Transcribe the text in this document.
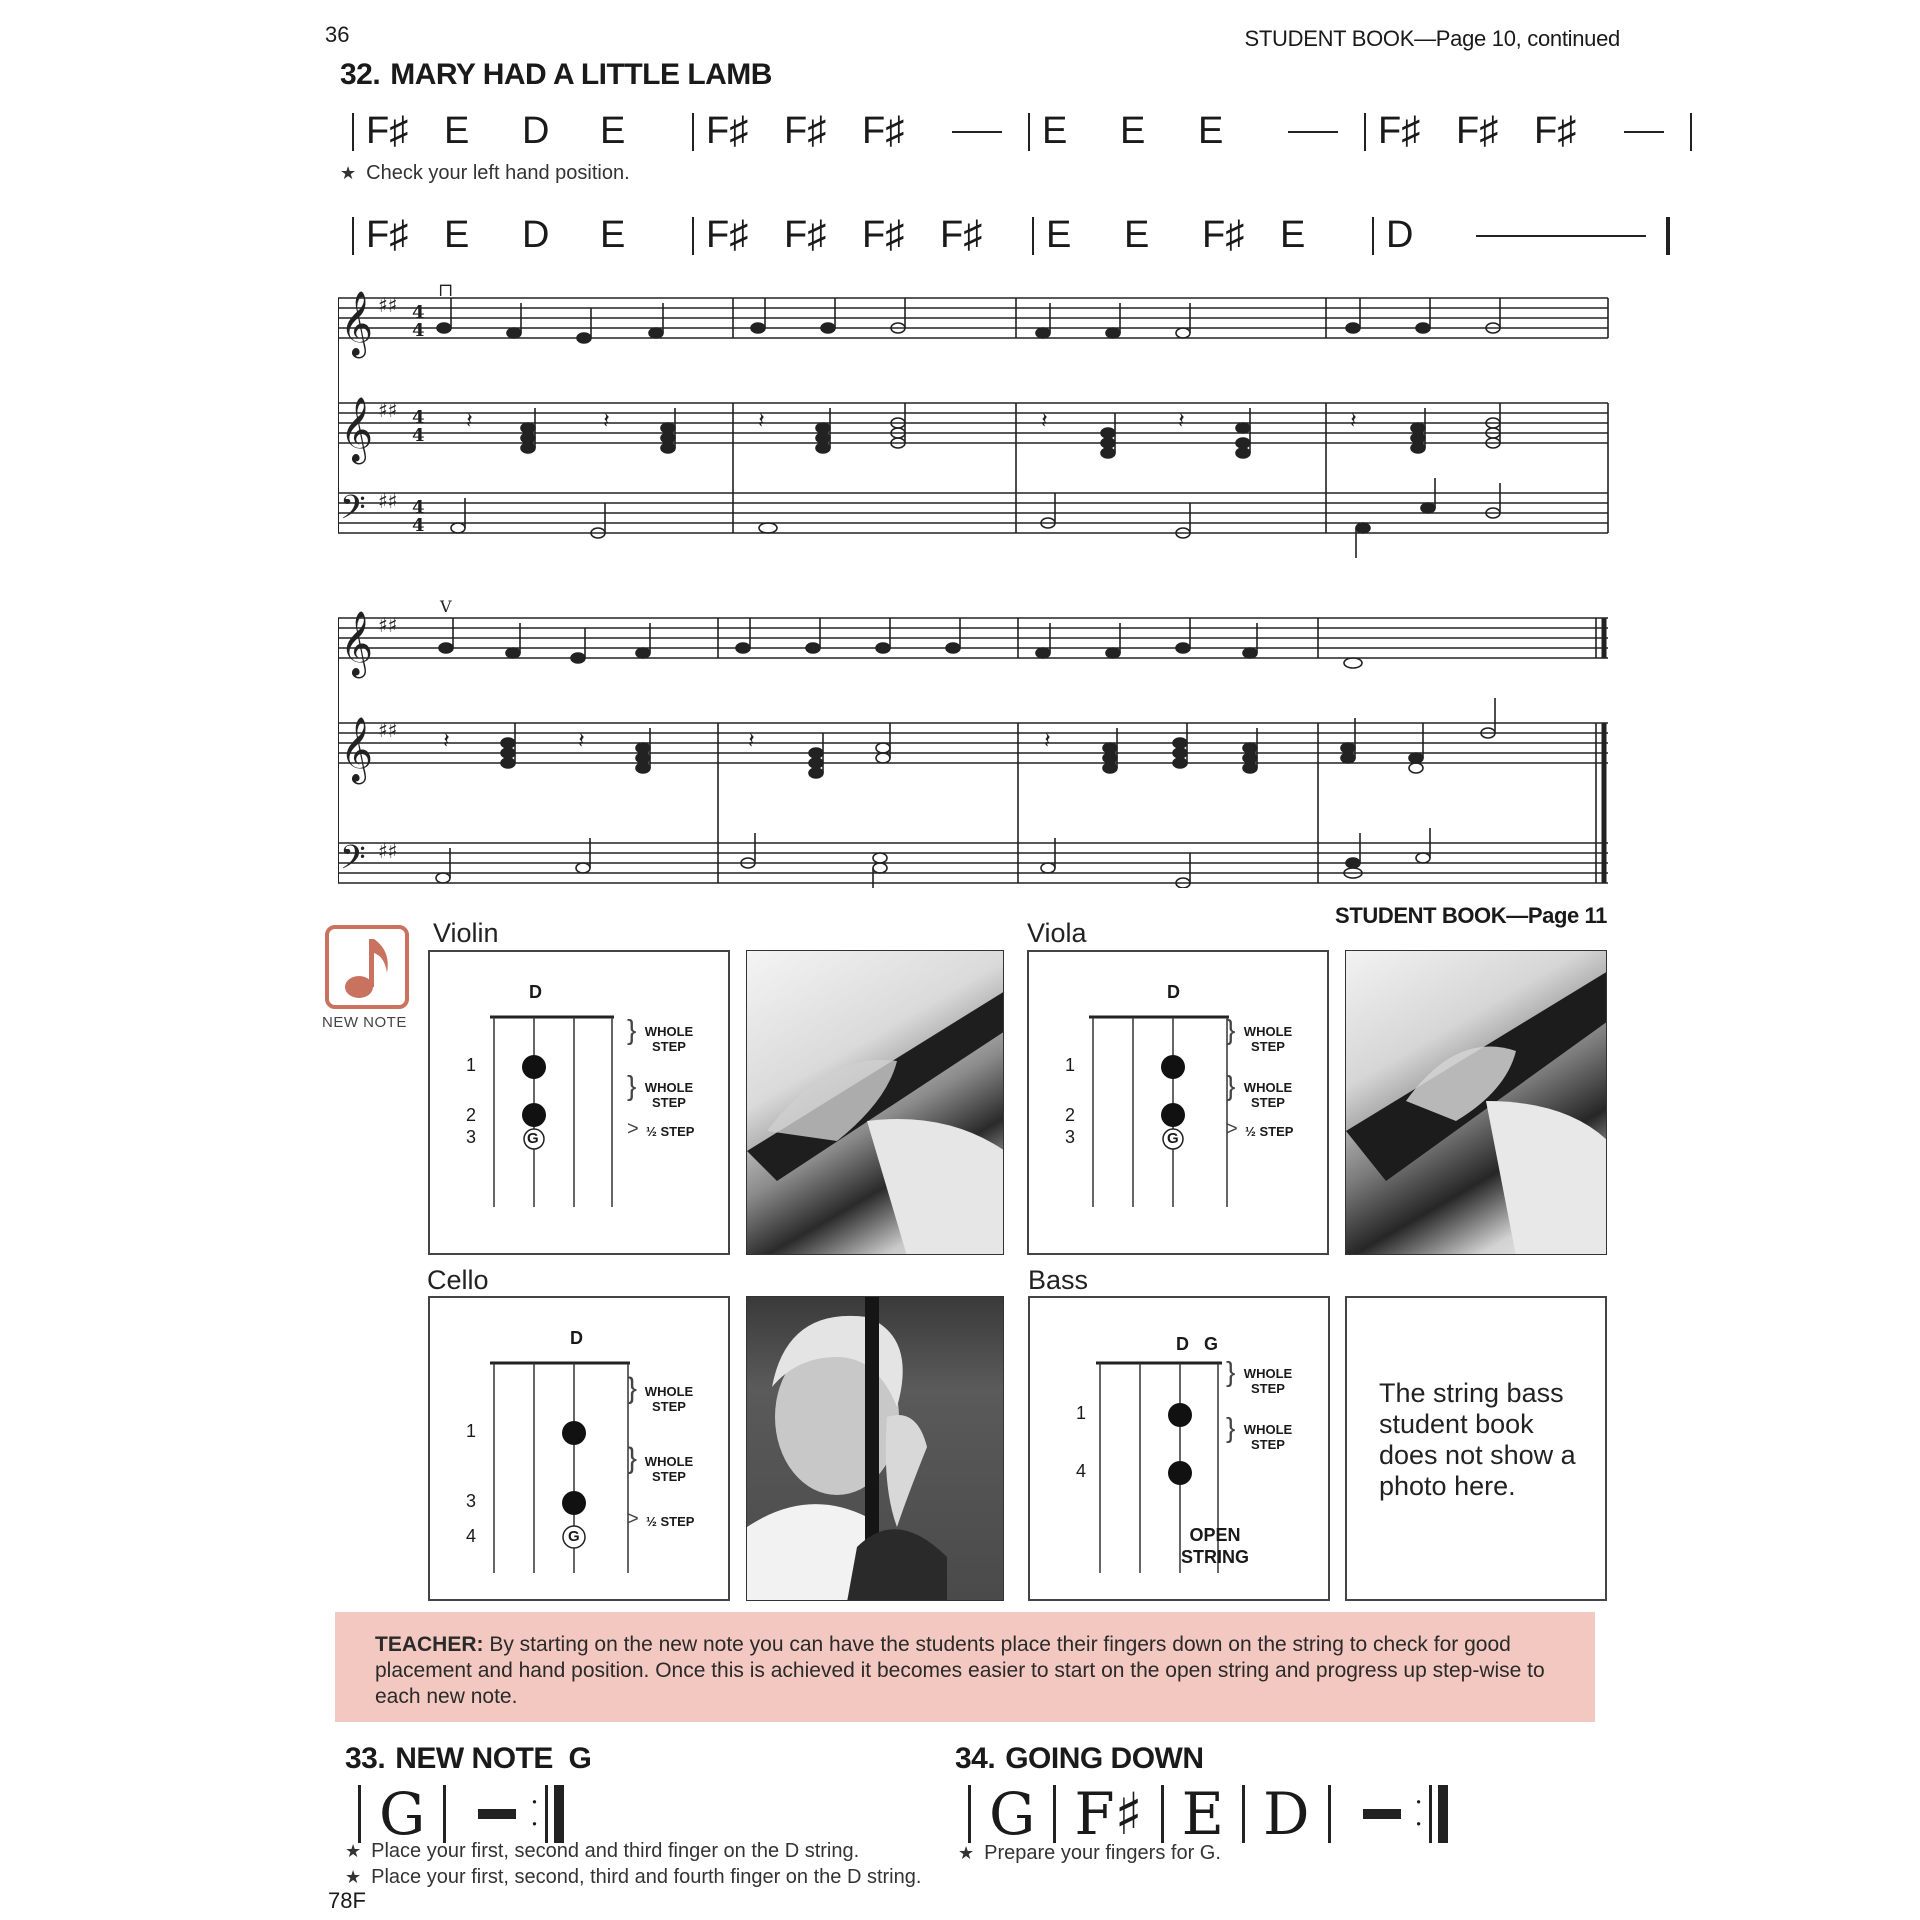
36	STUDENT BOOK—Page 10, continued
32. MARY HAD A LITTLE LAMB
F♯ E	D	E	F♯ F♯ F♯	E	E	E	F♯ F♯ F♯
★ Check your left hand position.
F♯ E	D	E	F♯ F♯ F♯ F♯	E	E	F♯ E	D
𝄞
𝄞
𝄢
♯♯
♯♯
♯♯
4
4
4
4
4
4
⊓
𝄽	𝄽	𝄽	𝄽	𝄽	𝄽
𝄞
𝄞
𝄢
♯♯
♯♯
♯♯
V
𝄽	𝄽	𝄽	𝄽
STUDENT BOOK—Page 11
NEW NOTE
Violin
D
G
1
2
3
} WHOLE STEP
} WHOLE STEP
> ½ STEP
Viola
D
G
1
2
3
} WHOLE STEP
} WHOLE STEP
> ½ STEP
Cello
D
G
1
3
4
} WHOLE STEP
} WHOLE STEP
> ½ STEP
Bass
D G
1
4
} WHOLE STEP
} WHOLE STEP
OPEN STRING
The string bass student book does not show a photo here.
TEACHER: By starting on the new note you can have the students place their fingers down on the string to check for good placement and hand position. Once this is achieved it becomes easier to start on the open string and progress up step-wise to each new note.
33. NEW NOTE  G
G	·
·
★ Place your first, second and third finger on the D string.
★ Place your first, second, third and fourth finger on the D string.
34. GOING DOWN
G F♯ E D	·
·
★ Prepare your fingers for G.
78F
